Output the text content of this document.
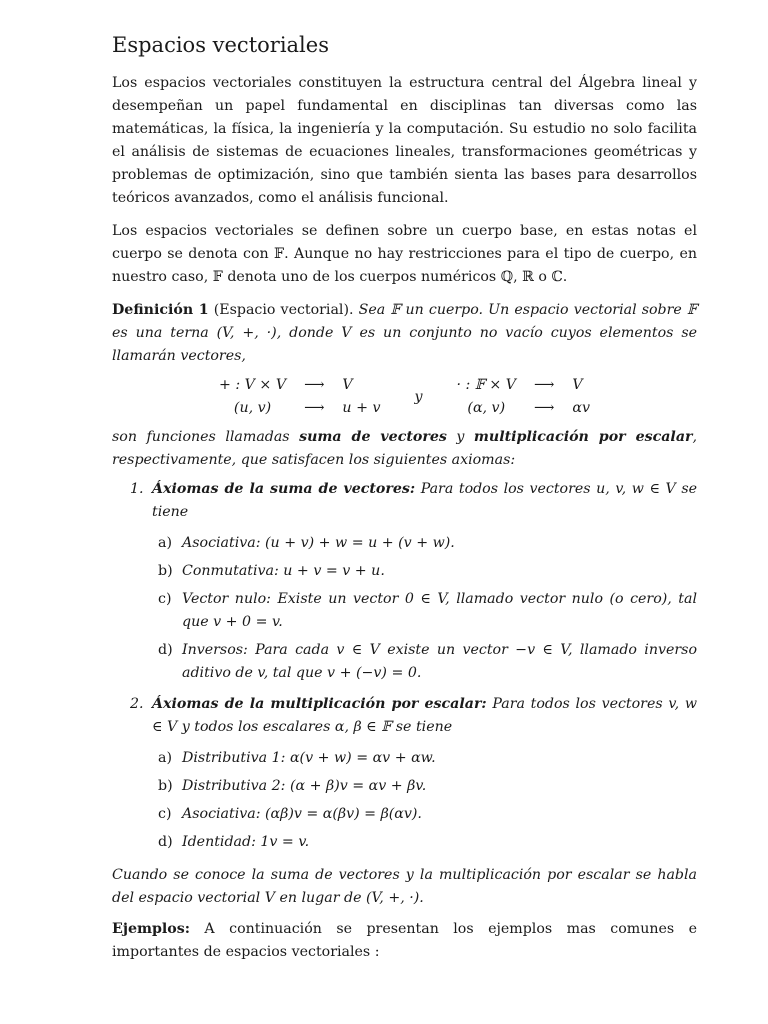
Espacios vectoriales

Los espacios vectoriales constituyen la estructura central del Álgebra lineal y desempeñan un papel fundamental en disciplinas tan diversas como las matemáticas, la física, la ingeniería y la computación. Su estudio no solo facilita el análisis de sistemas de ecuaciones lineales, transformaciones geométricas y problemas de optimización, sino que también sienta las bases para desarrollos teóricos avanzados, como el análisis funcional.

Los espacios vectoriales se definen sobre un cuerpo base, en estas notas el cuerpo se denota con 𝔽. Aunque no hay restricciones para el tipo de cuerpo, en nuestro caso, 𝔽 denota uno de los cuerpos numéricos ℚ, ℝ o ℂ.

Definición 1 (Espacio vectorial). Sea 𝔽 un cuerpo. Un espacio vectorial sobre 𝔽 es una terna (V, +, ·), donde V es un conjunto no vacío cuyos elementos se llamarán vectores,

+ : V × V ⟶ V
(u, v)	⟶ u + v
y
· : 𝔽 × V ⟶ V
(α, v)	⟶ αv

son funciones llamadas suma de vectores y multiplicación por escalar, respectivamente, que satisfacen los siguientes axiomas:

1. Áxiomas de la suma de vectores: Para todos los vectores u, v, w ∈ V se tiene
a) Asociativa: (u + v) + w = u + (v + w).
b) Conmutativa: u + v = v + u.
c) Vector nulo: Existe un vector 0 ∈ V, llamado vector nulo (o cero), tal que v + 0 = v.
d) Inversos: Para cada v ∈ V existe un vector −v ∈ V, llamado inverso aditivo de v, tal que v + (−v) = 0.
2. Áxiomas de la multiplicación por escalar: Para todos los vectores v, w ∈ V y todos los escalares α, β ∈ 𝔽 se tiene
a) Distributiva 1: α(v + w) = αv + αw.
b) Distributiva 2: (α + β)v = αv + βv.
c) Asociativa: (αβ)v = α(βv) = β(αv).
d) Identidad: 1v = v.

Cuando se conoce la suma de vectores y la multiplicación por escalar se habla del espacio vectorial V en lugar de (V, +, ·).

Ejemplos: A continuación se presentan los ejemplos mas comunes e importantes de espacios vectoriales :
